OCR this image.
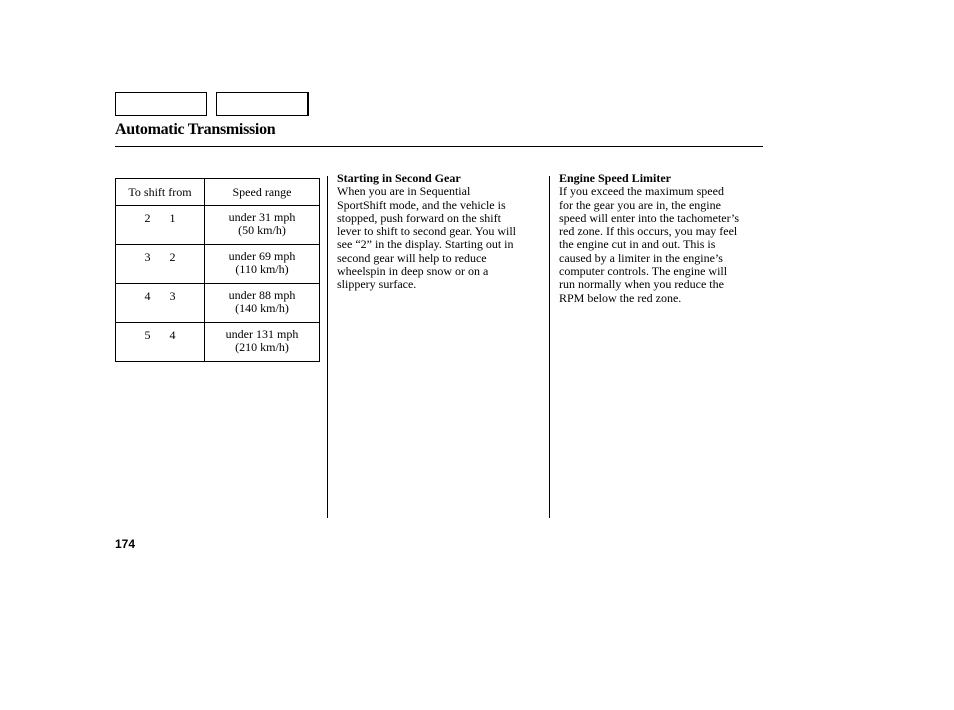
Automatic Transmission
To shift from	Speed range
2 1	under 31 mph
(50 km/h)

3 2	under 69 mph
(110 km/h)

4 3	under 88 mph
(140 km/h)

5 4	under 131 mph
(210 km/h)
Starting in Second Gear

When you are in Sequential

SportShift mode, and the vehicle is

stopped, push forward on the shift

lever to shift to second gear. You will

see “2” in the display. Starting out in

second gear will help to reduce

wheelspin in deep snow or on a

slippery surface.

Engine Speed Limiter

If you exceed the maximum speed

for the gear you are in, the engine

speed will enter into the tachometer’s

red zone. If this occurs, you may feel

the engine cut in and out. This is

caused by a limiter in the engine’s

computer controls. The engine will

run normally when you reduce the

RPM below the red zone.

174
